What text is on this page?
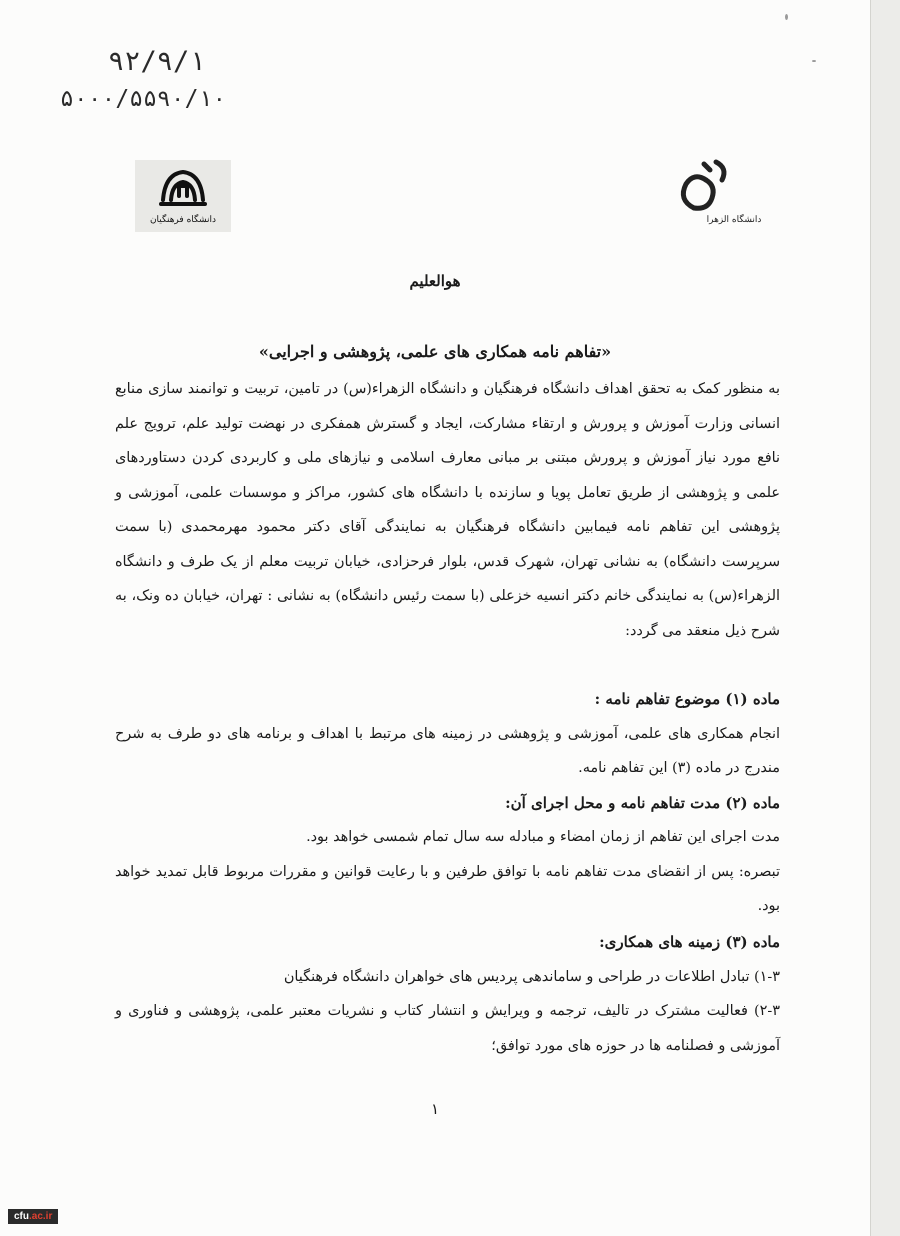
۹۲/۹/۱
۵۰۰۰/۵۵۹۰/۱۰
دانشگاه فرهنگیان	دانشگاه الزهرا
هوالعلیم
«تفاهم نامه همکاری های علمی، پژوهشی و اجرایی»

به منظور کمک به تحقق اهداف دانشگاه فرهنگیان و دانشگاه الزهراء(س) در تامین، تربیت و توانمند سازی منابع انسانی وزارت آموزش و پرورش و ارتقاء مشارکت، ایجاد و گسترش همفکری در نهضت تولید علم، ترویج علم نافع مورد نیاز آموزش و پرورش مبتنی بر مبانی معارف اسلامی و نیازهای ملی و کاربردی کردن دستاوردهای علمی و پژوهشی از طریق تعامل پویا و سازنده با دانشگاه های کشور، مراکز و موسسات علمی، آموزشی و پژوهشی این تفاهم نامه فیمابین دانشگاه فرهنگیان به نمایندگی آقای دکتر محمود مهرمحمدی (با سمت سرپرست دانشگاه) به نشانی تهران، شهرک قدس، بلوار فرحزادی، خیابان تربیت معلم از یک طرف و دانشگاه الزهراء(س) به نمایندگی خانم دکتر انسیه خزعلی (با سمت رئیس دانشگاه) به نشانی : تهران، خیابان ده ونک، به شرح ذیل منعقد می گردد:

ماده (۱) موضوع تفاهم نامه :

انجام همکاری های علمی، آموزشی و پژوهشی در زمینه های مرتبط با اهداف و برنامه های دو طرف به شرح مندرج در ماده (۳) این تفاهم نامه.

ماده (۲) مدت تفاهم نامه و محل اجرای آن:

مدت اجرای این تفاهم از زمان امضاء و مبادله سه سال تمام شمسی خواهد بود.

تبصره: پس از انقضای مدت تفاهم نامه با توافق طرفین و با رعایت قوانین و مقررات مربوط قابل تمدید خواهد بود.

ماده (۳) زمینه های همکاری:

۱-۳) تبادل اطلاعات در طراحی و ساماندهی پردیس های خواهران دانشگاه فرهنگیان

۲-۳) فعالیت مشترک در تالیف، ترجمه و ویرایش و انتشار کتاب و نشریات معتبر علمی، پژوهشی و فناوری و آموزشی و فصلنامه ها در حوزه های مورد توافق؛

۱
cfu.ac.ir
